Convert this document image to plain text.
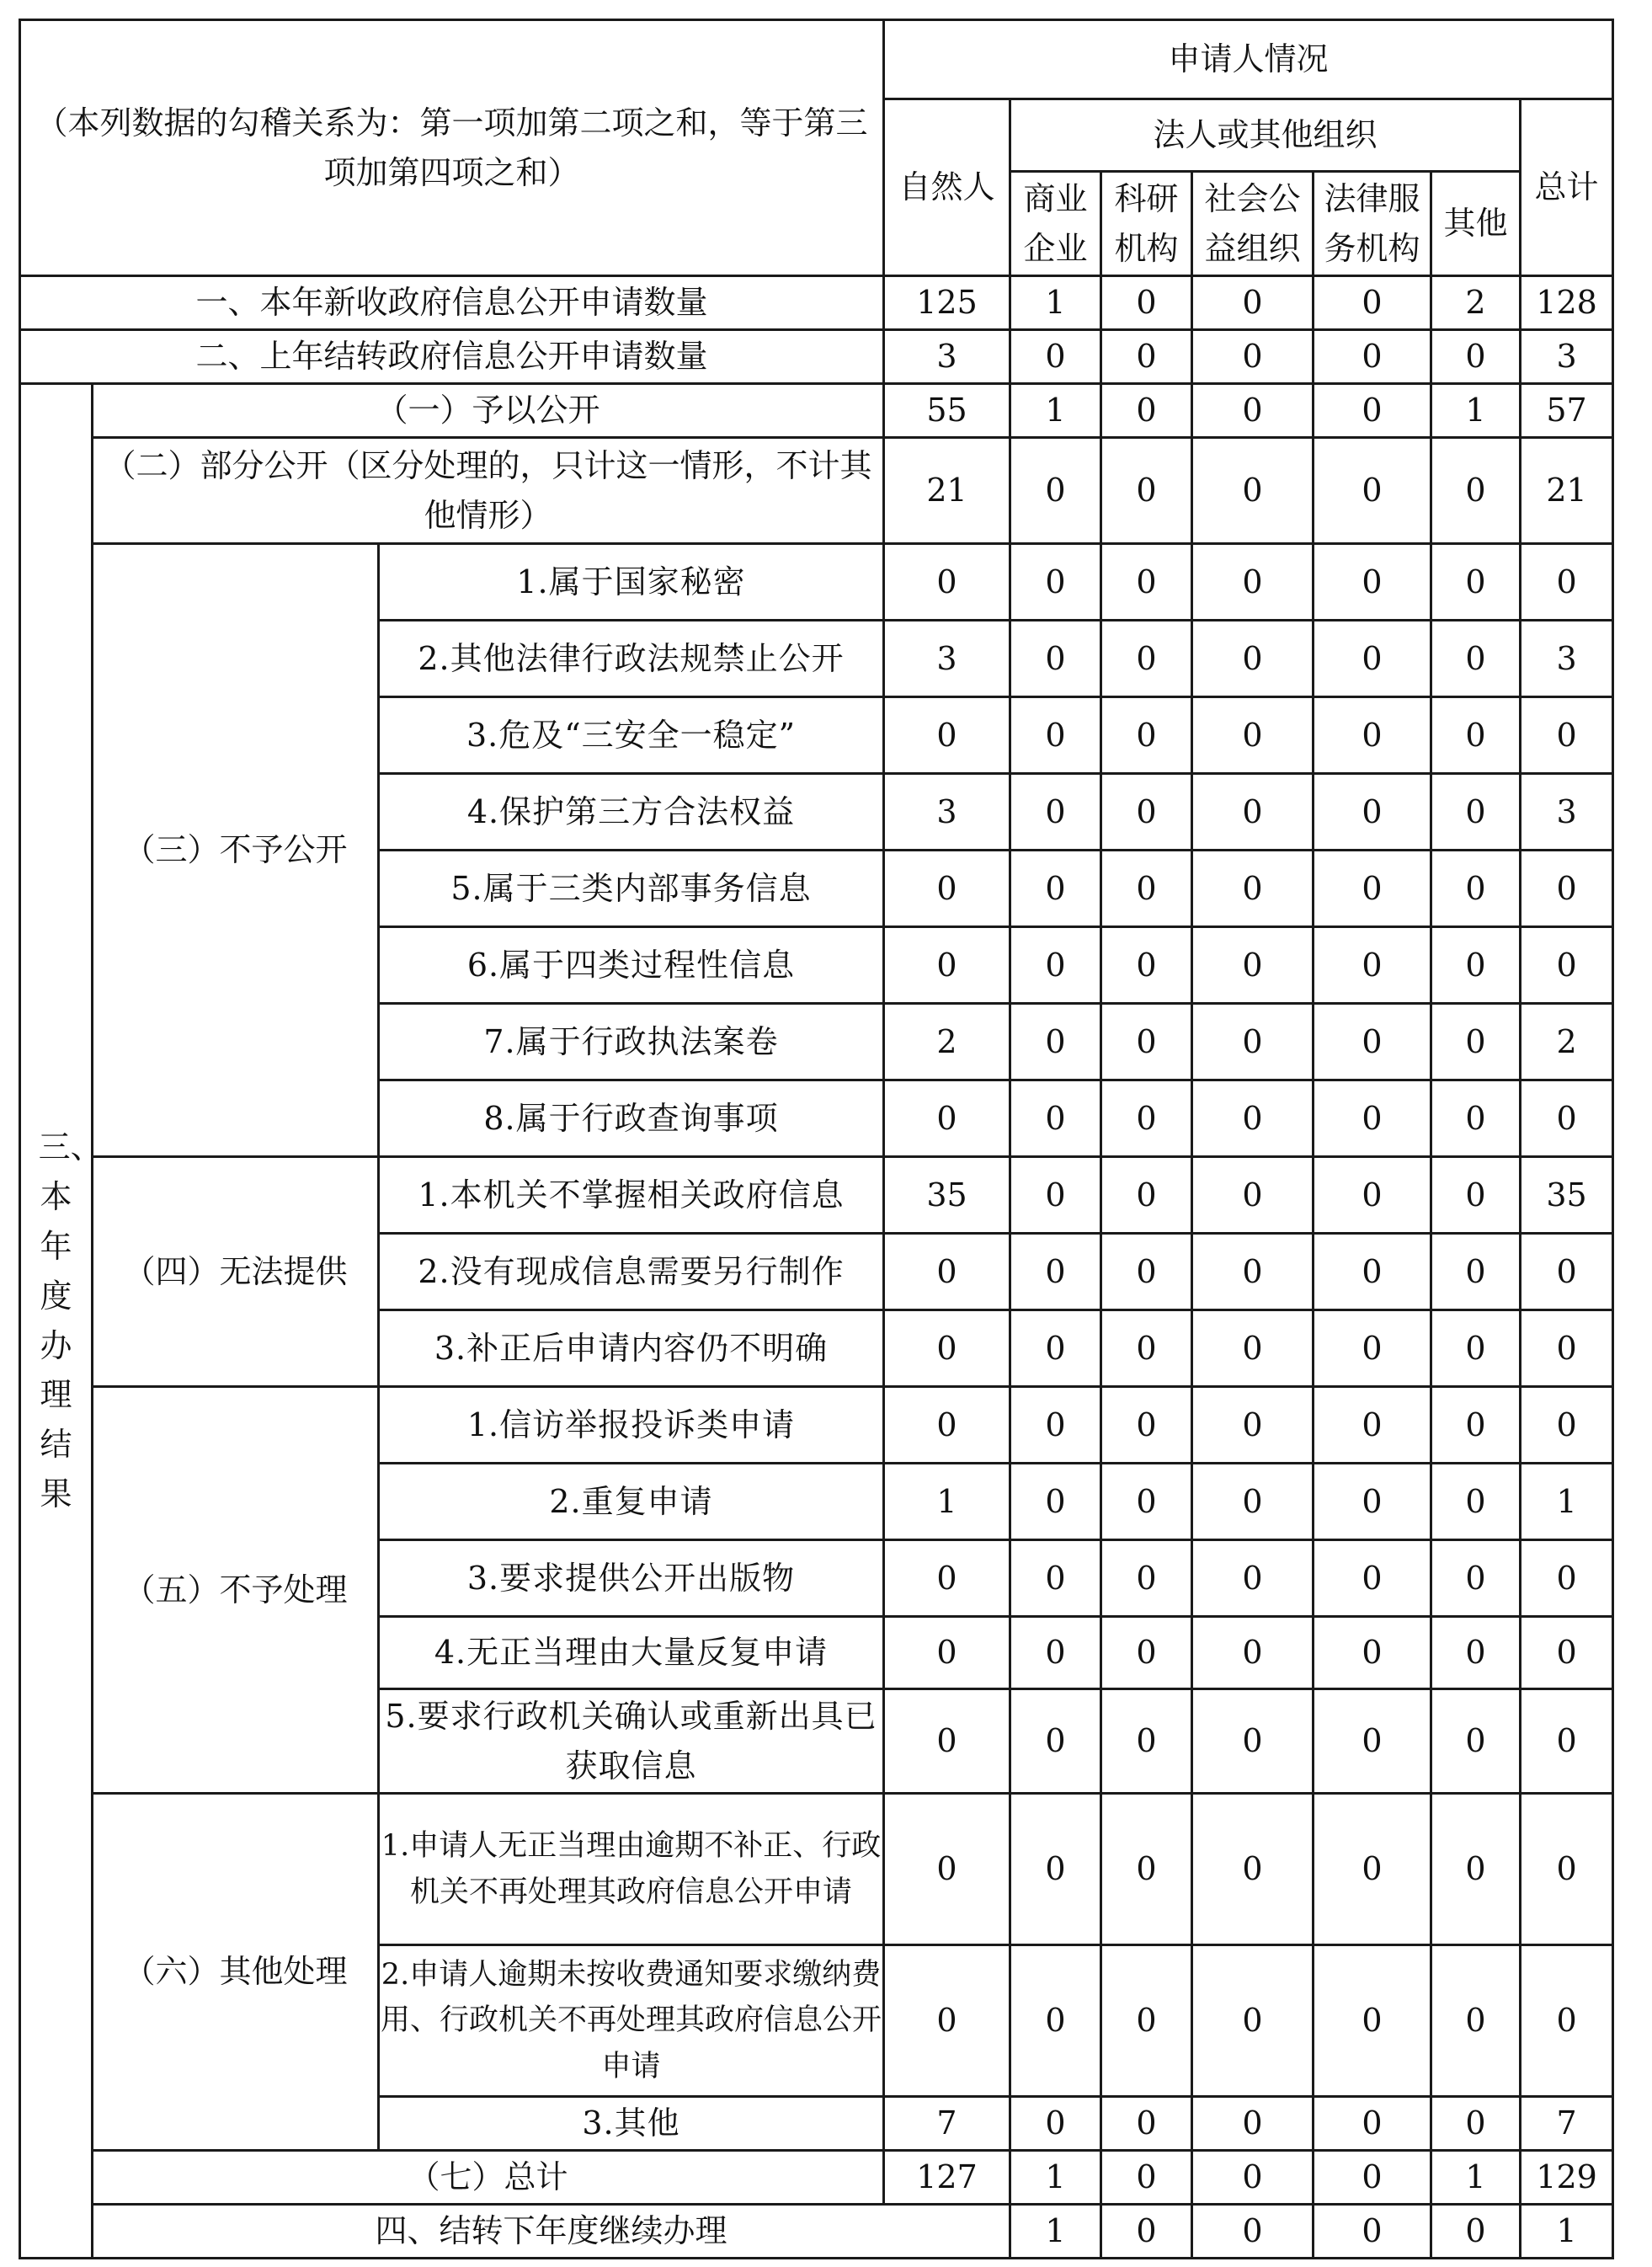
（本列数据的勾稽关系为：第一项加第二项之和，等于第三项加第四项之和）			申请人情况							
			自然人	法人或其他组织					总计	
				商业企业	科研机构	社会公益组织	法律服务机构	其他		
一、本年新收政府信息公开申请数量			125	1	0	0	0	2	128	
二、上年结转政府信息公开申请数量			3	0	0	0	0	0	3	
三、本年度办理结果	（一）予以公开		55	1	0	0	0	1	57	
	（二）部分公开（区分处理的，只计这一情形，不计其他情形）		21	0	0	0	0	0	21	
	（三）不予公开	1.属于国家秘密	0	0	0	0	0	0	0	
		2.其他法律行政法规禁止公开	3	0	0	0	0	0	3	
		3.危及“三安全一稳定”	0	0	0	0	0	0	0	
		4.保护第三方合法权益	3	0	0	0	0	0	3	
		5.属于三类内部事务信息	0	0	0	0	0	0	0	
		6.属于四类过程性信息	0	0	0	0	0	0	0	
		7.属于行政执法案卷	2	0	0	0	0	0	2	
		8.属于行政查询事项	0	0	0	0	0	0	0	
	（四）无法提供	1.本机关不掌握相关政府信息	35	0	0	0	0	0	35	
		2.没有现成信息需要另行制作	0	0	0	0	0	0	0	
		3.补正后申请内容仍不明确	0	0	0	0	0	0	0	
	（五）不予处理	1.信访举报投诉类申请	0	0	0	0	0	0	0	
		2.重复申请	1	0	0	0	0	0	1	
		3.要求提供公开出版物	0	0	0	0	0	0	0	
		4.无正当理由大量反复申请	0	0	0	0	0	0	0	
		5.要求行政机关确认或重新出具已获取信息	0	0	0	0	0	0	0	
	（六）其他处理	1.申请人无正当理由逾期不补正、行政机关不再处理其政府信息公开申请	0	0	0	0	0	0	0	
		2.申请人逾期未按收费通知要求缴纳费用、行政机关不再处理其政府信息公开申请	0	0	0	0	0	0	0	
		3.其他	7	0	0	0	0	0	7	
	（七）总计		127	1	0	0	0	1	129	
	四、结转下年度继续办理			1	0	0	0	0	1	
